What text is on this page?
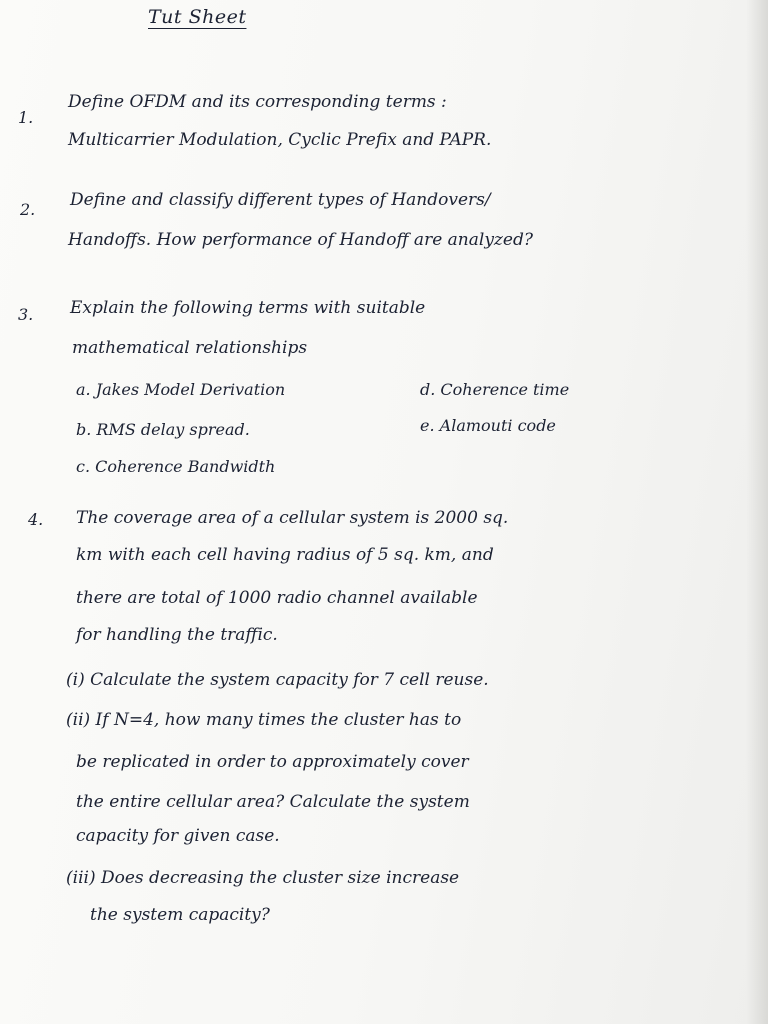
Tut Sheet
1.
Define OFDM and its corresponding terms :
Multicarrier Modulation, Cyclic Prefix and PAPR.
2. Define and classify different types of Handovers/
Handoffs. How performance of Handoff are analyzed?
3. Explain the following terms with suitable
mathematical relationships
a. Jakes Model Derivation
b. RMS delay spread.
c. Coherence Bandwidth
d. Coherence time
e. Alamouti code
4. The coverage area of a cellular system is 2000 sq.
km with each cell having radius of 5 sq. km, and
there are total of 1000 radio channel available
for handling the traffic.
(i) Calculate the system capacity for 7 cell reuse.
(ii) If N=4, how many times the cluster has to
be replicated in order to approximately cover
the entire cellular area? Calculate the system
capacity for given case.
(iii) Does decreasing the cluster size increase
the system capacity?
